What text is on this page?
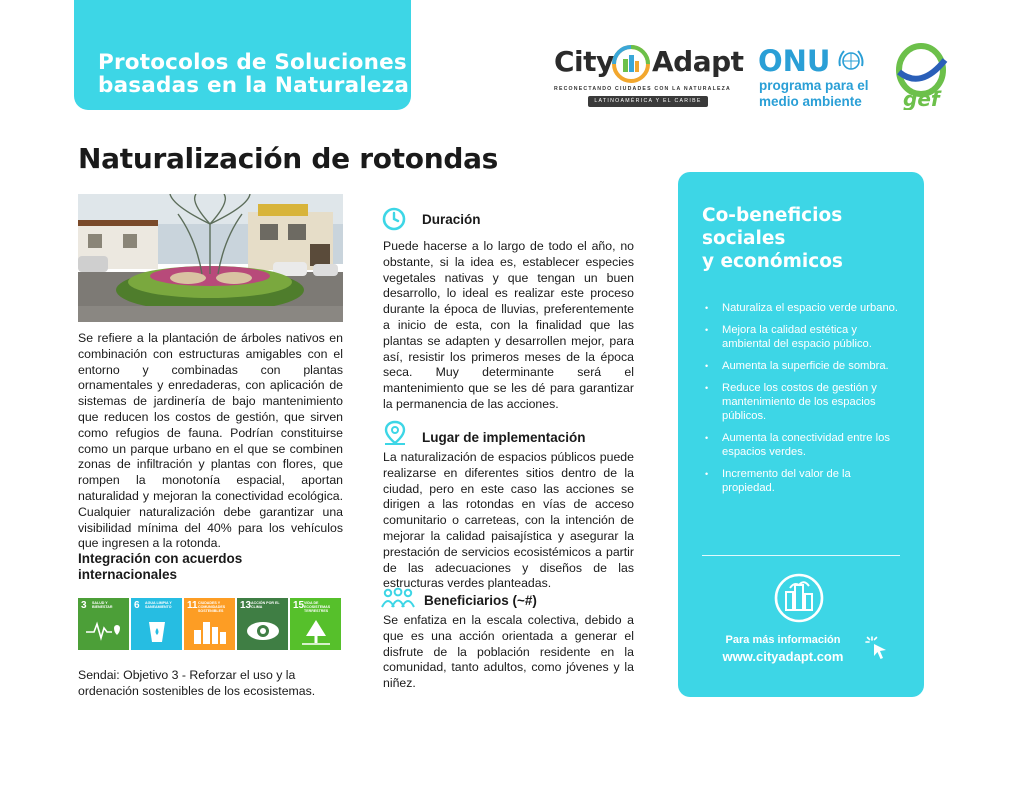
Protocolos de Soluciones
basadas en la Naturaleza
City Adapt
RECONECTANDO CIUDADES CON LA NATURALEZA
LATINOAMÉRICA Y EL CARIBE
ONU
programa para el
medio ambiente gef
Naturalización de rotondas
Se refiere a la plantación de árboles nativos en combinación con estructuras amigables con el entorno y combinadas con plantas ornamentales y enredaderas, con aplicación de sistemas de jardinería de bajo mantenimiento que reducen los costos de gestión, que sirven como refugios de fauna. Podrían constituirse como un parque urbano en el que se combinen zonas de infiltración y plantas con flores, que rompen la monotonía espacial, aportan naturalidad y mejoran la conectividad ecológica. Cualquier naturalización debe garantizar una visibilidad mínima del 40% para los vehículos que ingresen a la rotonda.
Integración con acuerdos internacionales
3 SALUD Y BIENESTAR	6 AGUA LIMPIA Y SANEAMIENTO	11 CIUDADES Y COMUNIDADES SOSTENIBLES
13 ACCIÓN POR EL CLIMA	15 VIDA DE ECOSISTEMAS TERRESTRES
Sendai: Objetivo 3 - Reforzar el uso y la ordenación sostenibles de los ecosistemas.
Duración
Puede hacerse a lo largo de todo el año, no obstante, si la idea es, establecer especies vegetales nativas y que tengan un buen desarrollo, lo ideal es realizar este proceso durante la época de lluvias, preferentemente a inicio de esta, con la finalidad que las plantas se adapten y desarrollen mejor, para así, resistir los primeros meses de la época seca. Muy determinante será el mantenimiento que se les dé para garantizar la permanencia de las acciones.
Lugar de implementación
La naturalización de espacios públicos puede realizarse en diferentes sitios dentro de la ciudad, pero en este caso las acciones se dirigen a las rotondas en vías de acceso comunitario o carreteas, con la intención de mejorar la calidad paisajística y asegurar la prestación de servicios ecosistémicos a partir de las adecuaciones y diseños de las estructuras verdes planteadas.
Beneficiarios (~#)
Se enfatiza en la escala colectiva, debido a que es una acción orientada a generar el disfrute de la población residente en la comunidad, tanto adultos, como jóvenes y la niñez.
Co-beneficios
sociales
y económicos
• Naturaliza el espacio verde urbano.
• Mejora la calidad estética y ambiental del espacio público.
• Aumenta la superficie de sombra.
• Reduce los costos de gestión y mantenimiento de los espacios públicos.
• Aumenta la conectividad entre los espacios verdes.
• Incremento del valor de la propiedad.
Para más información
www.cityadapt.com
